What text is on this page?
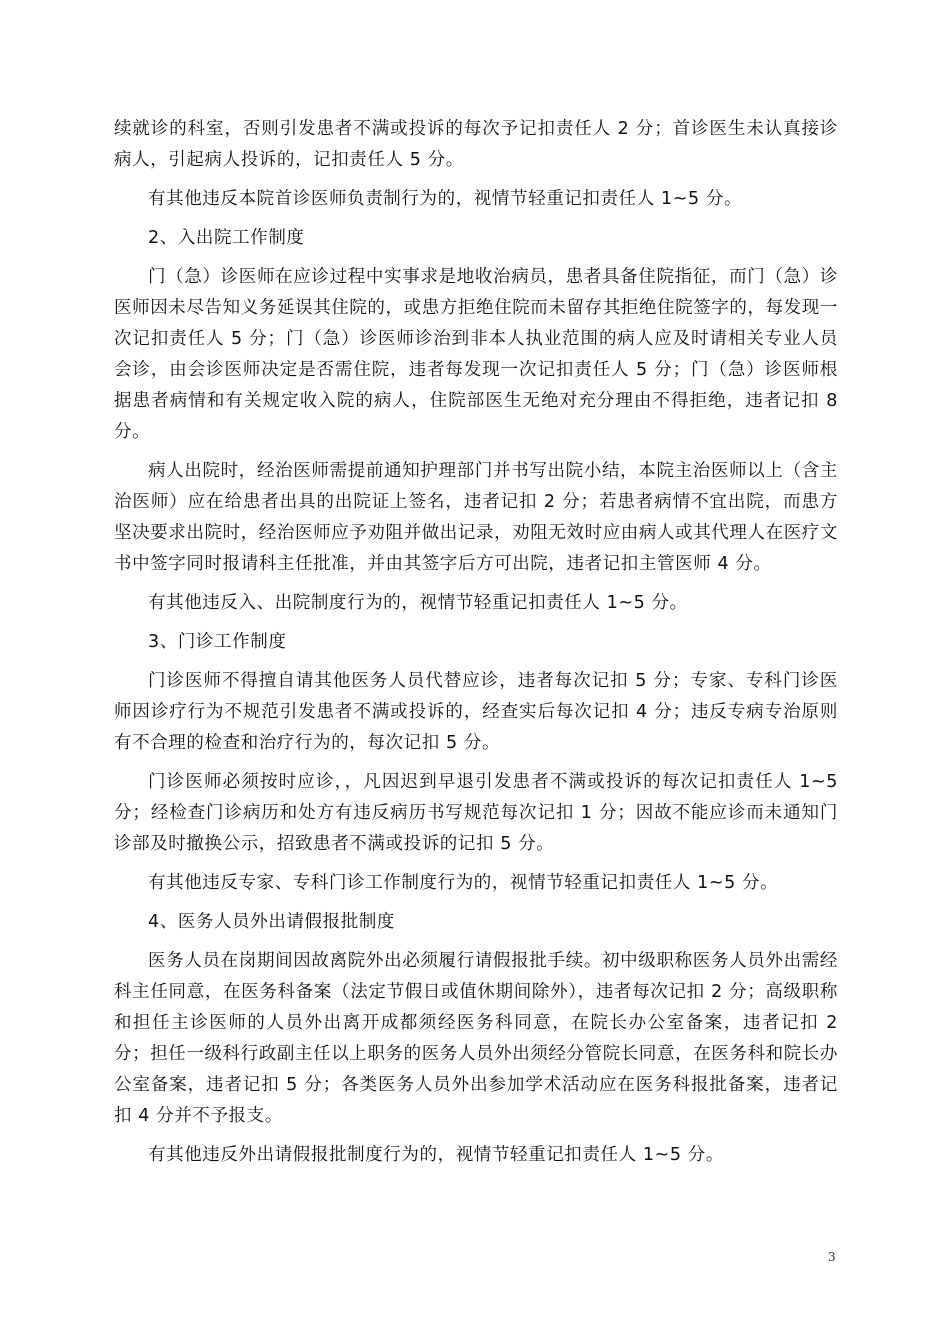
续就诊的科室，否则引发患者不满或投诉的每次予记扣责任人 2 分；首诊医生未认真接诊病人，引起病人投诉的，记扣责任人 5 分。

有其他违反本院首诊医师负责制行为的，视情节轻重记扣责任人 1~5 分。

2、入出院工作制度

门（急）诊医师在应诊过程中实事求是地收治病员，患者具备住院指征，而门（急）诊医师因未尽告知义务延误其住院的，或患方拒绝住院而未留存其拒绝住院签字的，每发现一次记扣责任人 5 分；门（急）诊医师诊治到非本人执业范围的病人应及时请相关专业人员会诊，由会诊医师决定是否需住院，违者每发现一次记扣责任人 5 分；门（急）诊医师根据患者病情和有关规定收入院的病人，住院部医生无绝对充分理由不得拒绝，违者记扣 8 分。

病人出院时，经治医师需提前通知护理部门并书写出院小结，本院主治医师以上（含主治医师）应在给患者出具的出院证上签名，违者记扣 2 分；若患者病情不宜出院，而患方坚决要求出院时，经治医师应予劝阻并做出记录，劝阻无效时应由病人或其代理人在医疗文书中签字同时报请科主任批准，并由其签字后方可出院，违者记扣主管医师 4 分。

有其他违反入、出院制度行为的，视情节轻重记扣责任人 1~5 分。

3、门诊工作制度

门诊医师不得擅自请其他医务人员代替应诊，违者每次记扣 5 分；专家、专科门诊医师因诊疗行为不规范引发患者不满或投诉的，经查实后每次记扣 4 分；违反专病专治原则有不合理的检查和治疗行为的，每次记扣 5 分。

门诊医师必须按时应诊，，凡因迟到早退引发患者不满或投诉的每次记扣责任人 1~5 分；经检查门诊病历和处方有违反病历书写规范每次记扣 1 分；因故不能应诊而未通知门诊部及时撤换公示，招致患者不满或投诉的记扣 5 分。

有其他违反专家、专科门诊工作制度行为的，视情节轻重记扣责任人 1~5 分。

4、医务人员外出请假报批制度

医务人员在岗期间因故离院外出必须履行请假报批手续。初中级职称医务人员外出需经科主任同意，在医务科备案（法定节假日或值休期间除外），违者每次记扣 2 分；高级职称和担任主诊医师的人员外出离开成都须经医务科同意，在院长办公室备案，违者记扣 2 分；担任一级科行政副主任以上职务的医务人员外出须经分管院长同意，在医务科和院长办公室备案，违者记扣 5 分；各类医务人员外出参加学术活动应在医务科报批备案，违者记扣 4 分并不予报支。

有其他违反外出请假报批制度行为的，视情节轻重记扣责任人 1~5 分。

3
